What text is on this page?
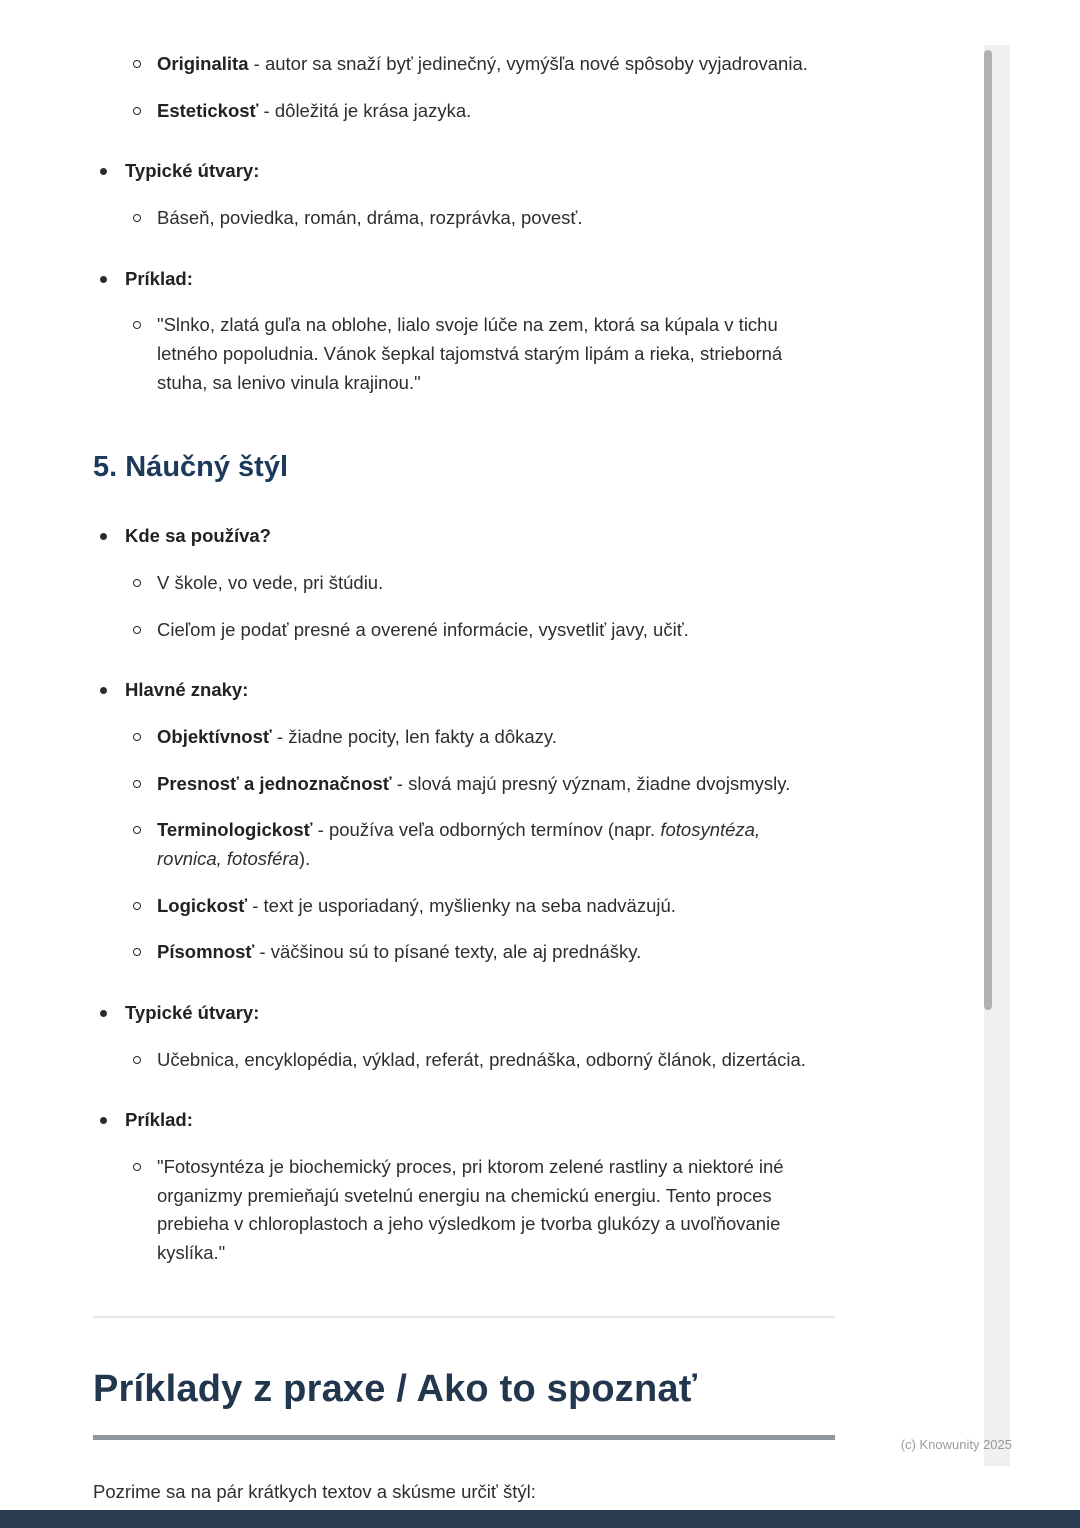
Originalita - autor sa snaží byť jedinečný, vymýšľa nové spôsoby vyjadrovania.

Estetickosť - dôležitá je krása jazyka.

Typické útvary:

Báseň, poviedka, román, dráma, rozprávka, povesť.

Príklad:

"Slnko, zlatá guľa na oblohe, lialo svoje lúče na zem, ktorá sa kúpala v tichu letného popoludnia. Vánok šepkal tajomstvá starým lipám a rieka, strieborná stuha, sa lenivo vinula krajinou."

5. Náučný štýl

Kde sa používa?

V škole, vo vede, pri štúdiu.

Cieľom je podať presné a overené informácie, vysvetliť javy, učiť.

Hlavné znaky:

Objektívnosť - žiadne pocity, len fakty a dôkazy.

Presnosť a jednoznačnosť - slová majú presný význam, žiadne dvojsmysly.

Terminologickosť - používa veľa odborných termínov (napr. fotosyntéza, rovnica, fotosféra).

Logickosť - text je usporiadaný, myšlienky na seba nadväzujú.

Písomnosť - väčšinou sú to písané texty, ale aj prednášky.

Typické útvary:

Učebnica, encyklopédia, výklad, referát, prednáška, odborný článok, dizertácia.

Príklad:

"Fotosyntéza je biochemický proces, pri ktorom zelené rastliny a niektoré iné organizmy premieňajú svetelnú energiu na chemickú energiu. Tento proces prebieha v chloroplastoch a jeho výsledkom je tvorba glukózy a uvoľňovanie kyslíka."

Príklady z praxe / Ako to spoznať

Pozrime sa na pár krátkych textov a skúsme určiť štýl:

(c) Knowunity 2025
